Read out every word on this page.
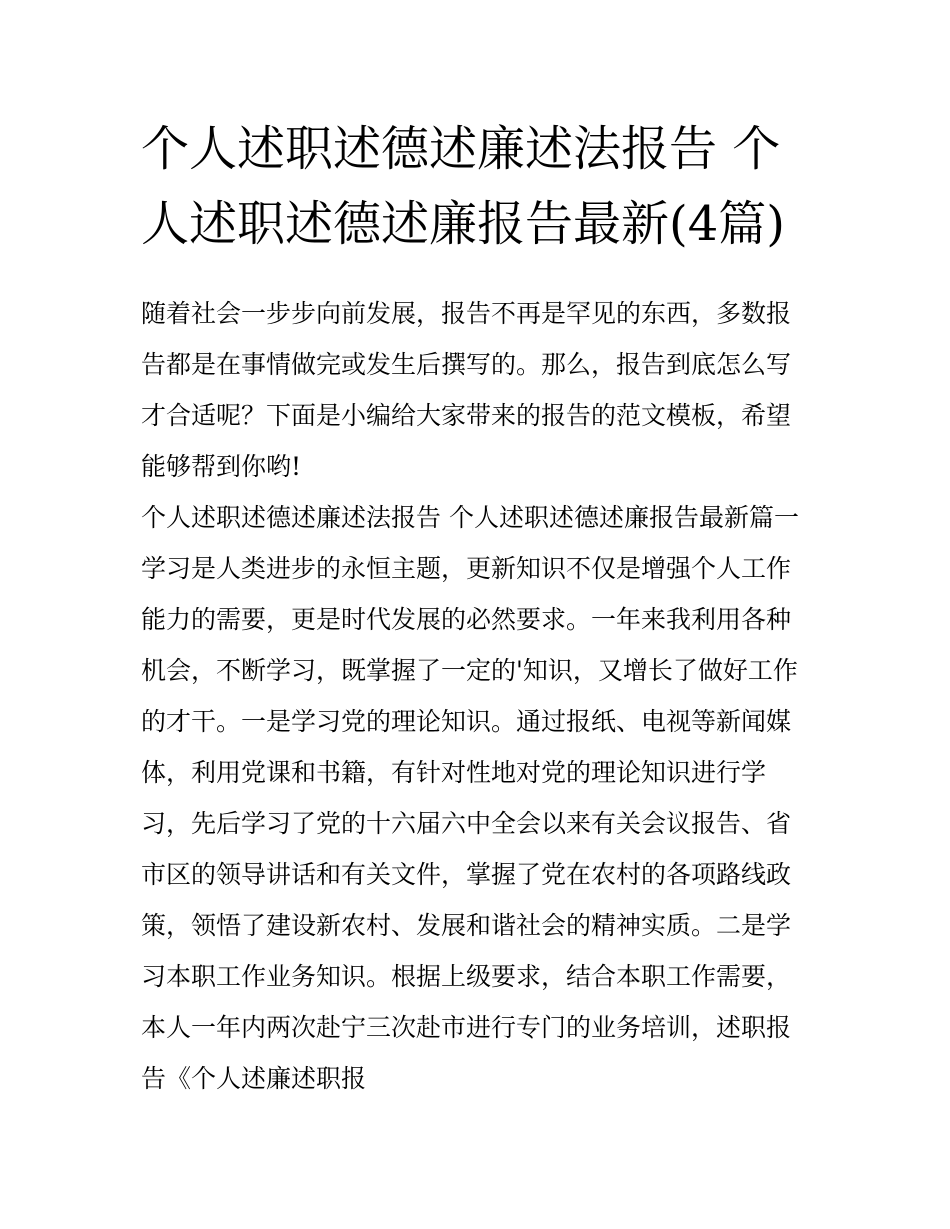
个人述职述德述廉述法报告 个人述职述德述廉报告最新(4篇)

随着社会一步步向前发展，报告不再是罕见的东西，多数报告都是在事情做完或发生后撰写的。那么，报告到底怎么写才合适呢？下面是小编给大家带来的报告的范文模板，希望能够帮到你哟!

个人述职述德述廉述法报告 个人述职述德述廉报告最新篇一

学习是人类进步的永恒主题，更新知识不仅是增强个人工作能力的需要，更是时代发展的必然要求。一年来我利用各种机会，不断学习，既掌握了一定的'知识，又增长了做好工作的才干。一是学习党的理论知识。通过报纸、电视等新闻媒体，利用党课和书籍，有针对性地对党的理论知识进行学习，先后学习了党的十六届六中全会以来有关会议报告、省市区的领导讲话和有关文件，掌握了党在农村的各项路线政策，领悟了建设新农村、发展和谐社会的精神实质。二是学习本职工作业务知识。根据上级要求，结合本职工作需要，本人一年内两次赴宁三次赴市进行专门的业务培训，述职报告《个人述廉述职报
